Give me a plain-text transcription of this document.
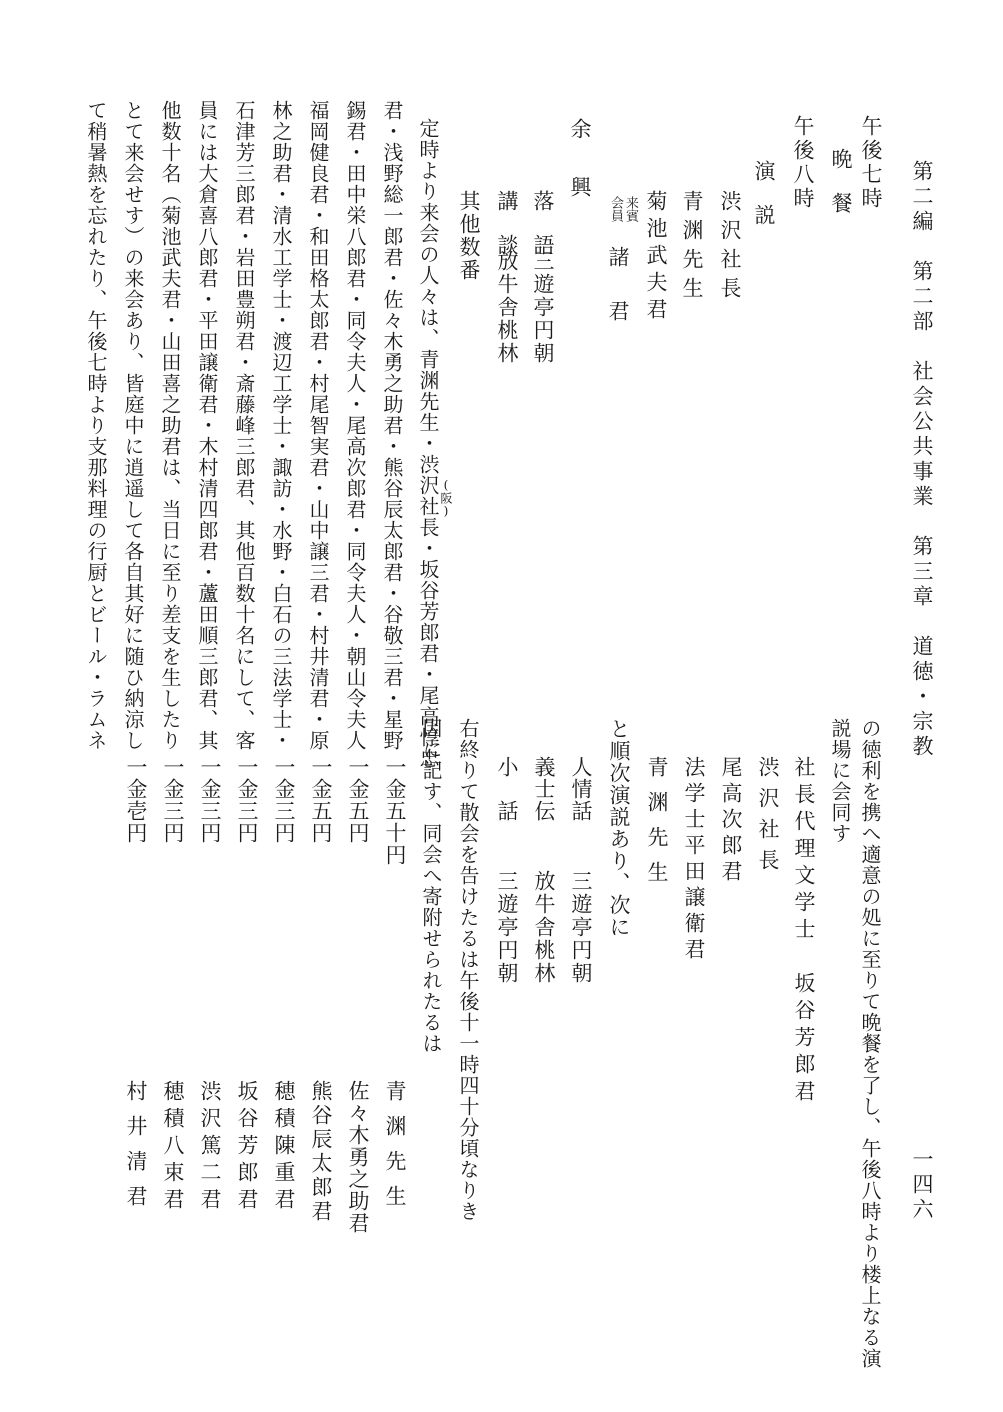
第二編　第二部　社会公共事業　第三章　道徳・宗教
一四六
午後七時
晩　餐
午後八時
演　説
渋沢社長
青渊先生
菊池武夫君
来賓
会員
諸　君
余　興
落　語
三遊亭円朝
講　談
放牛舎桃林
其他数番
定時より来会の人々は、青渊先生・渋沢社長・坂谷芳郎君・尾高惇忠 (阪)
君・浅野総一郎君・佐々木勇之助君・熊谷辰太郎君・谷敬三君・星野
錫君・田中栄八郎君・同令夫人・尾高次郎君・同令夫人・朝山令夫人
福岡健良君・和田格太郎君・村尾智実君・山中譲三君・村井清君・原
林之助君・清水工学士・渡辺工学士・諏訪・水野・白石の三法学士・
石津芳三郎君・岩田豊朔君・斎藤峰三郎君、其他百数十名にして、客
員には大倉喜八郎君・平田譲衛君・木村清四郎君・蘆田順三郎君、其
他数十名（菊池武夫君・山田喜之助君は、当日に至り差支を生したり
とて来会せす）の来会あり、皆庭中に逍遥して各自其好に随ひ納涼し
て稍暑熱を忘れたり、午後七時より支那料理の行厨とビール・ラムネ
の徳利を携へ適意の処に至りて晩餐を了し、午後八時より楼上なる演
説場に会同す
社長代理文学士　坂谷芳郎君
渋沢社長
尾高次郎君
法学士平田譲衛君
青渊先生
と順次演説あり、次に
人情話
三遊亭円朝
義士伝
放牛舎桃林
小　話
三遊亭円朝
右終りて散会を告けたるは午後十一時四十分頃なりき
因に記す、同会へ寄附せられたるは
一金五十円
青渊先生
一金五円
佐々木勇之助君
一金五円
熊谷辰太郎君
一金三円
穂積陳重君
一金三円
坂谷芳郎君
一金三円
渋沢篤二君
一金三円
穂積八束君
一金壱円
村井清君
